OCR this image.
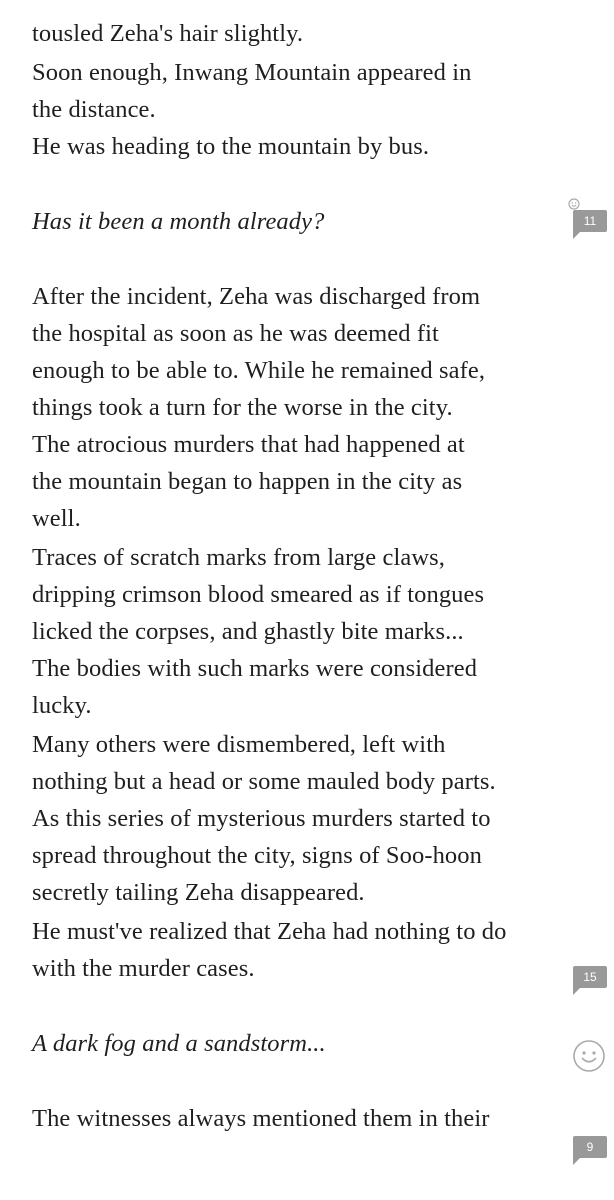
tousled Zeha's hair slightly.
Soon enough, Inwang Mountain appeared in
the distance.
He was heading to the mountain by bus.
Has it been a month already?
After the incident, Zeha was discharged from
the hospital as soon as he was deemed fit
enough to be able to. While he remained safe,
things took a turn for the worse in the city.
The atrocious murders that had happened at
the mountain began to happen in the city as
well.
Traces of scratch marks from large claws,
dripping crimson blood smeared as if tongues
licked the corpses, and ghastly bite marks...
The bodies with such marks were considered
lucky.
Many others were dismembered, left with
nothing but a head or some mauled body parts.
As this series of mysterious murders started to
spread throughout the city, signs of Soo-hoon
secretly tailing Zeha disappeared.
He must've realized that Zeha had nothing to do
with the murder cases.
A dark fog and a sandstorm...
The witnesses always mentioned them in their
11
15
9
